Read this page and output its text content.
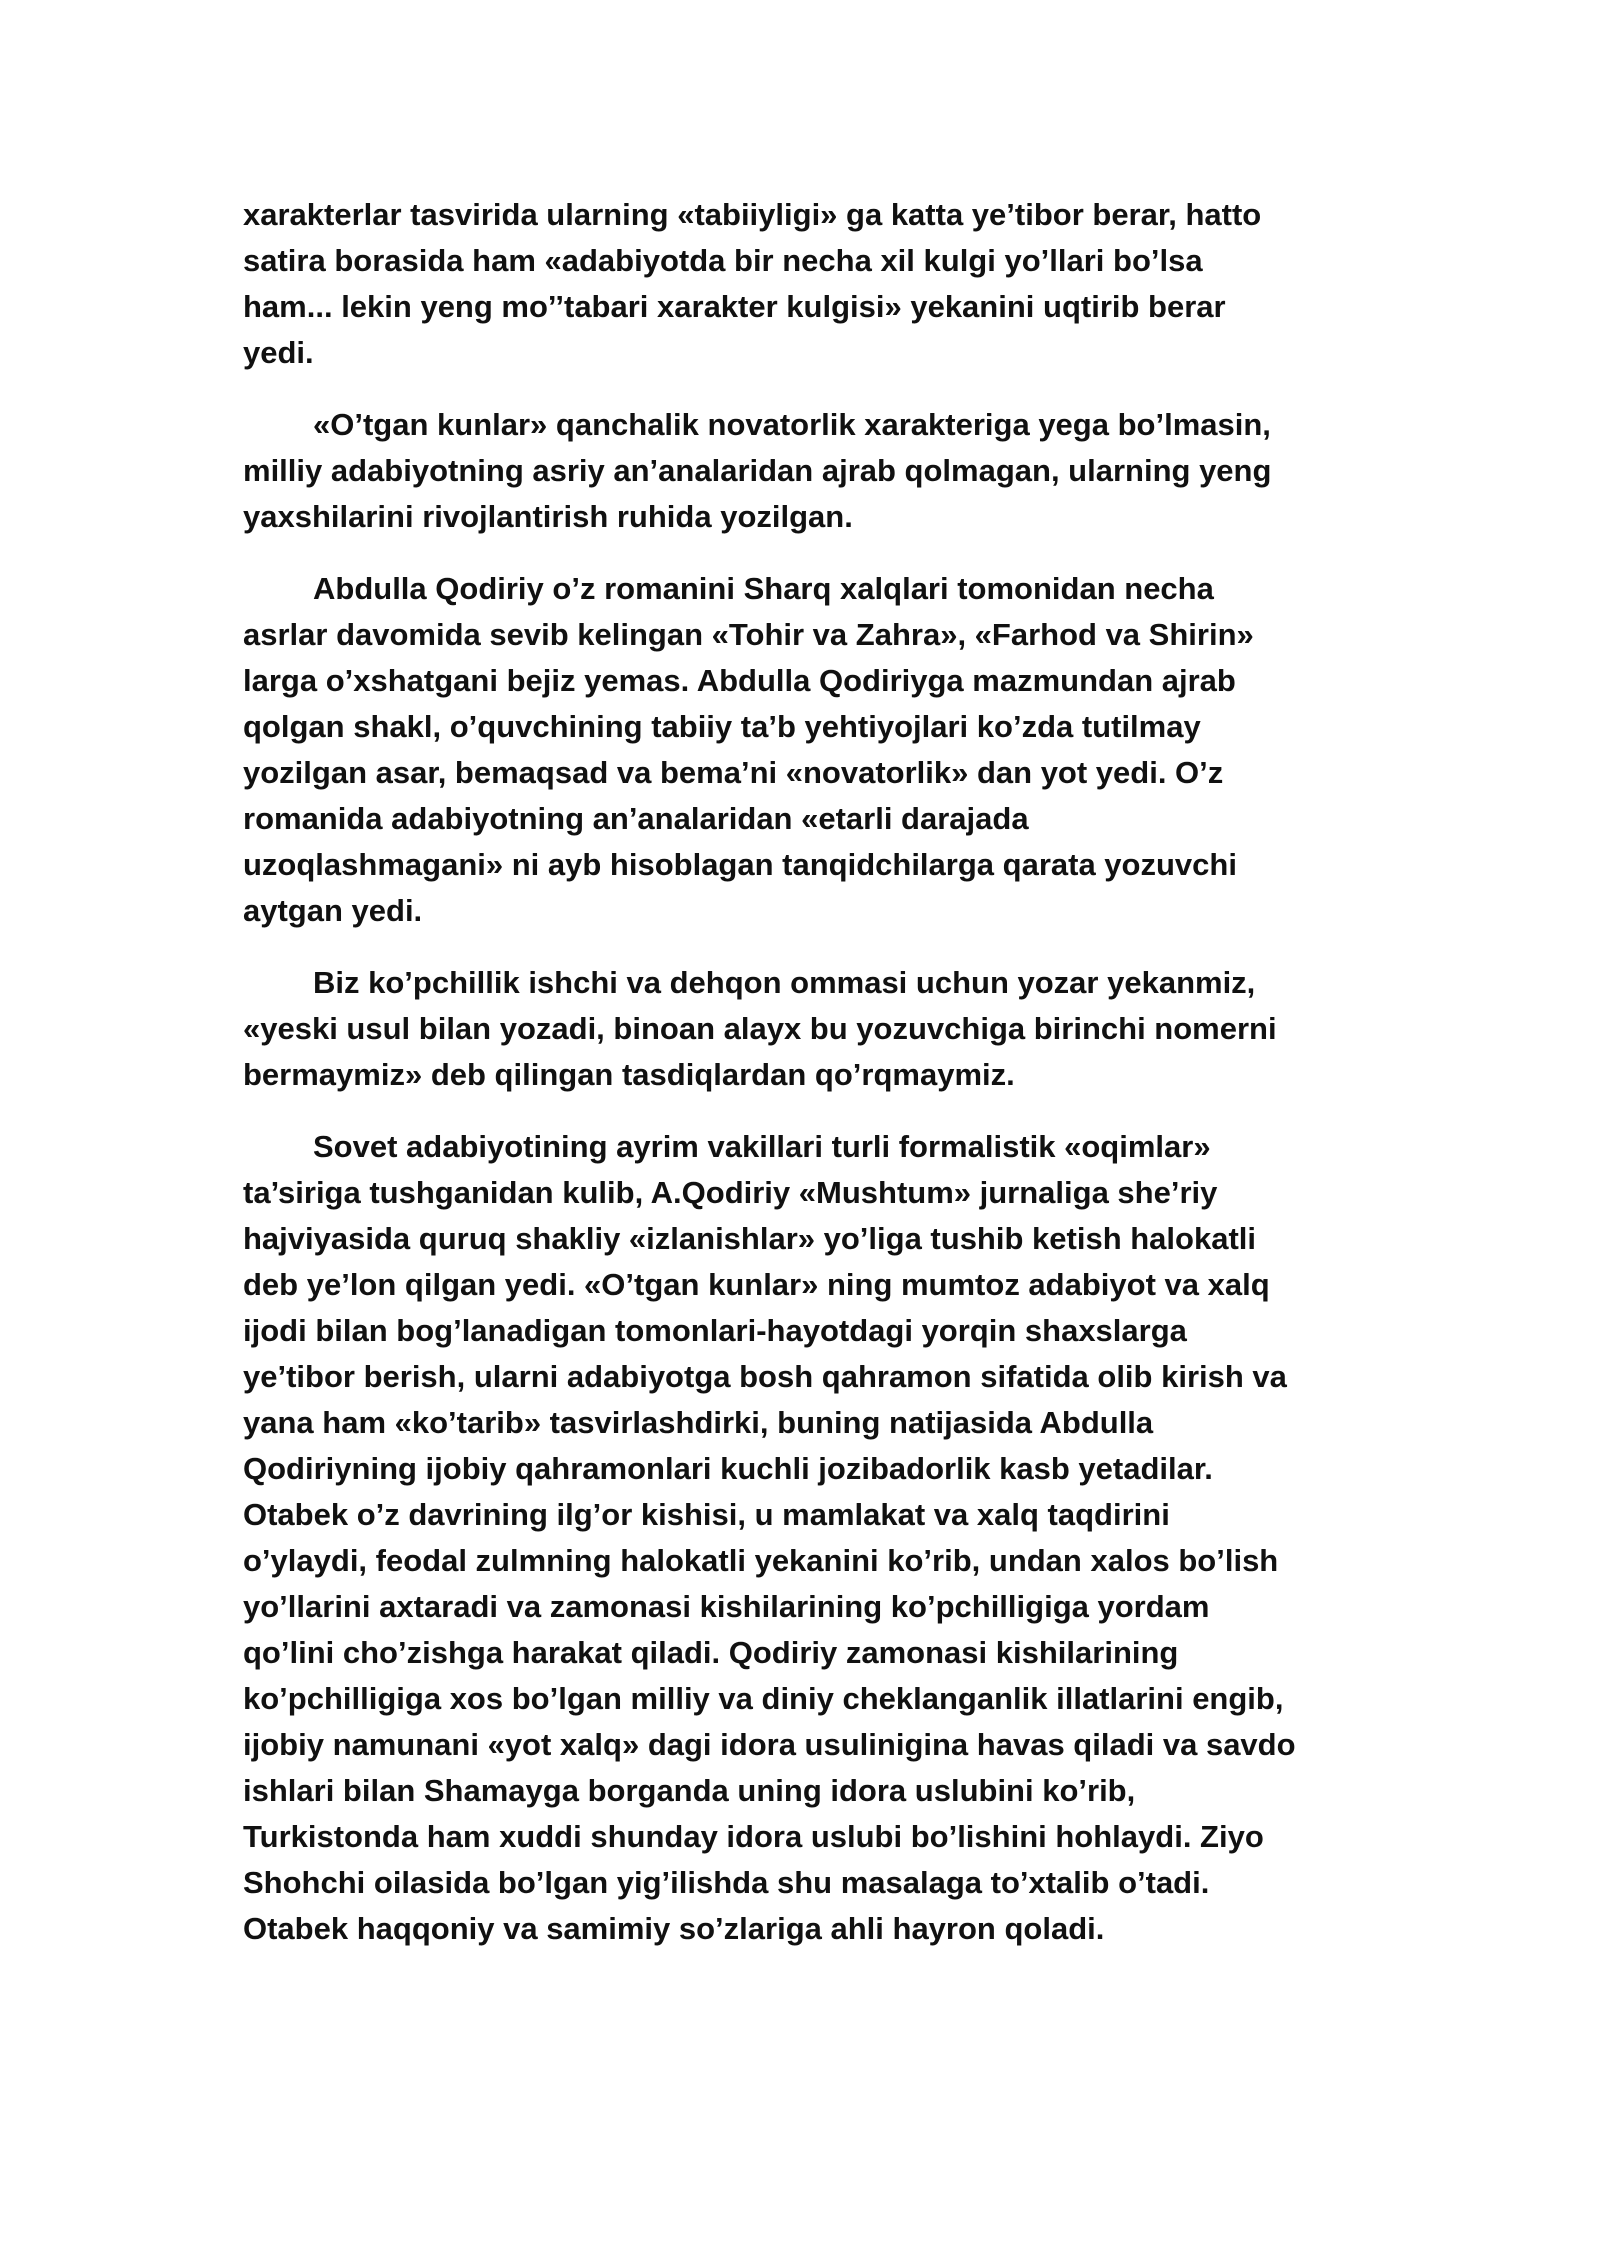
xarakterlar tasvirida ularning «tabiiyligi» ga katta ye’tibor berar, hatto
satira borasida ham «adabiyotda bir necha xil kulgi yo’llari bo’lsa
ham... lekin yeng mo’’tabari xarakter kulgisi» yekanini uqtirib berar
yedi.

«O’tgan kunlar» qanchalik novatorlik xarakteriga yega bo’lmasin,
milliy adabiyotning asriy an’analaridan ajrab qolmagan, ularning yeng
yaxshilarini rivojlantirish ruhida yozilgan.

Abdulla Qodiriy o’z romanini Sharq xalqlari tomonidan necha
asrlar davomida sevib kelingan «Tohir va Zahra», «Farhod va Shirin»
larga o’xshatgani bejiz yemas. Abdulla Qodiriyga mazmundan ajrab
qolgan shakl, o’quvchining tabiiy ta’b yehtiyojlari ko’zda tutilmay
yozilgan asar, bemaqsad va bema’ni «novatorlik» dan yot yedi. O’z
romanida adabiyotning an’analaridan «etarli darajada
uzoqlashmagani» ni ayb hisoblagan tanqidchilarga qarata yozuvchi
aytgan yedi.

Biz ko’pchillik ishchi va dehqon ommasi uchun yozar yekanmiz,
«yeski usul bilan yozadi, binoan alayx bu yozuvchiga birinchi nomerni
bermaymiz» deb qilingan tasdiqlardan qo’rqmaymiz.

Sovet adabiyotining ayrim vakillari turli formalistik «oqimlar»
ta’siriga tushganidan kulib, A.Qodiriy «Mushtum» jurnaliga she’riy
hajviyasida quruq shakliy «izlanishlar» yo’liga tushib ketish halokatli
deb ye’lon qilgan yedi. «O’tgan kunlar» ning mumtoz adabiyot va xalq
ijodi bilan bog’lanadigan tomonlari-hayotdagi yorqin shaxslarga
ye’tibor berish, ularni adabiyotga bosh qahramon sifatida olib kirish va
yana ham «ko’tarib» tasvirlashdirki, buning natijasida Abdulla
Qodiriyning ijobiy qahramonlari kuchli jozibadorlik kasb yetadilar.
Otabek o’z davrining ilg’or kishisi, u mamlakat va xalq taqdirini
o’ylaydi, feodal zulmning halokatli yekanini ko’rib, undan xalos bo’lish
yo’llarini axtaradi va zamonasi kishilarining ko’pchilligiga yordam
qo’lini cho’zishga harakat qiladi. Qodiriy zamonasi kishilarining
ko’pchilligiga xos bo’lgan milliy va diniy cheklanganlik illatlarini engib,
ijobiy namunani «yot xalq» dagi idora usulinigina havas qiladi va savdo
ishlari bilan Shamayga borganda uning idora uslubini ko’rib,
Turkistonda ham xuddi shunday idora uslubi bo’lishini hohlaydi. Ziyo
Shohchi oilasida bo’lgan yig’ilishda shu masalaga to’xtalib o’tadi.
Otabek haqqoniy va samimiy so’zlariga ahli hayron qoladi.
